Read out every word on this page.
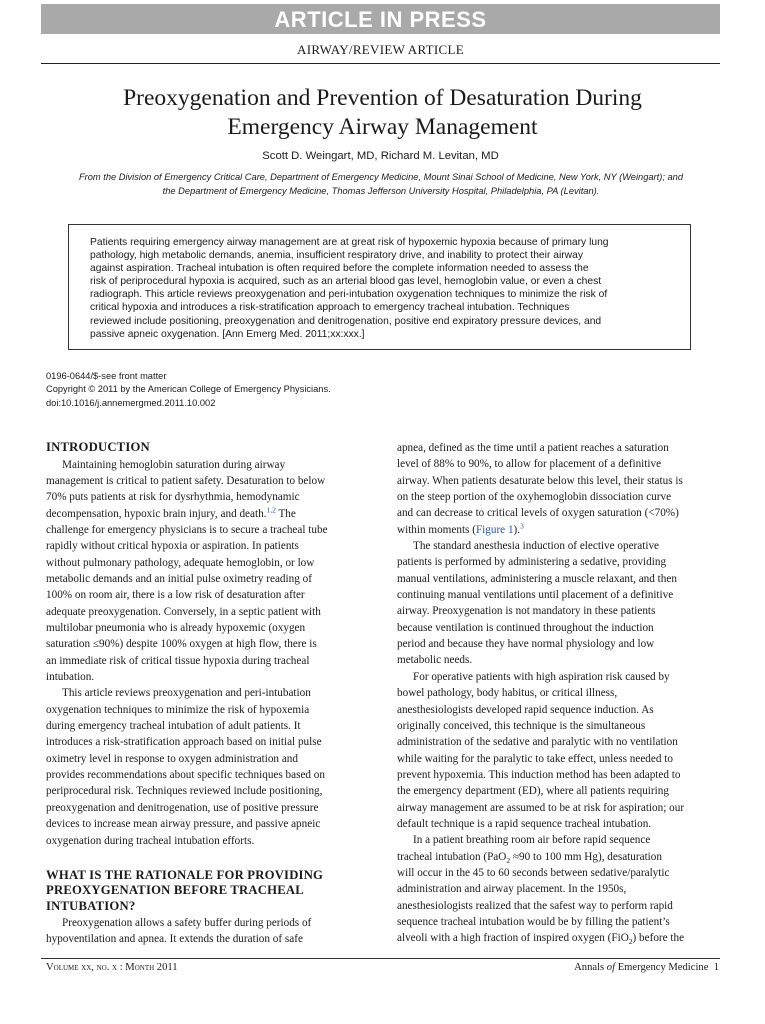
ARTICLE IN PRESS
AIRWAY/REVIEW ARTICLE
Preoxygenation and Prevention of Desaturation During
Emergency Airway Management
Scott D. Weingart, MD, Richard M. Levitan, MD
From the Division of Emergency Critical Care, Department of Emergency Medicine, Mount Sinai School of Medicine, New York, NY (Weingart); and
the Department of Emergency Medicine, Thomas Jefferson University Hospital, Philadelphia, PA (Levitan).
Patients requiring emergency airway management are at great risk of hypoxemic hypoxia because of primary lung
pathology, high metabolic demands, anemia, insufficient respiratory drive, and inability to protect their airway
against aspiration. Tracheal intubation is often required before the complete information needed to assess the
risk of periprocedural hypoxia is acquired, such as an arterial blood gas level, hemoglobin value, or even a chest
radiograph. This article reviews preoxygenation and peri-intubation oxygenation techniques to minimize the risk of
critical hypoxia and introduces a risk-stratification approach to emergency tracheal intubation. Techniques
reviewed include positioning, preoxygenation and denitrogenation, positive end expiratory pressure devices, and
passive apneic oxygenation. [Ann Emerg Med. 2011;xx:xxx.]
0196-0644/$-see front matter
Copyright © 2011 by the American College of Emergency Physicians.
doi:10.1016/j.annemergmed.2011.10.002
INTRODUCTION
Maintaining hemoglobin saturation during airway
management is critical to patient safety. Desaturation to below
70% puts patients at risk for dysrhythmia, hemodynamic
decompensation, hypoxic brain injury, and death.$^{1,2}$ The
challenge for emergency physicians is to secure a tracheal tube
rapidly without critical hypoxia or aspiration. In patients
without pulmonary pathology, adequate hemoglobin, or low
metabolic demands and an initial pulse oximetry reading of
100% on room air, there is a low risk of desaturation after
adequate preoxygenation. Conversely, in a septic patient with
multilobar pneumonia who is already hypoxemic (oxygen
saturation ≤90%) despite 100% oxygen at high flow, there is
an immediate risk of critical tissue hypoxia during tracheal
intubation.
This article reviews preoxygenation and peri-intubation
oxygenation techniques to minimize the risk of hypoxemia
during emergency tracheal intubation of adult patients. It
introduces a risk-stratification approach based on initial pulse
oximetry level in response to oxygen administration and
provides recommendations about specific techniques based on
periprocedural risk. Techniques reviewed include positioning,
preoxygenation and denitrogenation, use of positive pressure
devices to increase mean airway pressure, and passive apneic
oxygenation during tracheal intubation efforts.
WHAT IS THE RATIONALE FOR PROVIDING
PREOXYGENATION BEFORE TRACHEAL
INTUBATION?
Preoxygenation allows a safety buffer during periods of
hypoventilation and apnea. It extends the duration of safe
apnea, defined as the time until a patient reaches a saturation
level of 88% to 90%, to allow for placement of a definitive
airway. When patients desaturate below this level, their status is
on the steep portion of the oxyhemoglobin dissociation curve
and can decrease to critical levels of oxygen saturation (<70%)
within moments (Figure 1).$^3$
The standard anesthesia induction of elective operative
patients is performed by administering a sedative, providing
manual ventilations, administering a muscle relaxant, and then
continuing manual ventilations until placement of a definitive
airway. Preoxygenation is not mandatory in these patients
because ventilation is continued throughout the induction
period and because they have normal physiology and low
metabolic needs.
For operative patients with high aspiration risk caused by
bowel pathology, body habitus, or critical illness,
anesthesiologists developed rapid sequence induction. As
originally conceived, this technique is the simultaneous
administration of the sedative and paralytic with no ventilation
while waiting for the paralytic to take effect, unless needed to
prevent hypoxemia. This induction method has been adapted to
the emergency department (ED), where all patients requiring
airway management are assumed to be at risk for aspiration; our
default technique is a rapid sequence tracheal intubation.
In a patient breathing room air before rapid sequence
tracheal intubation (PaO$_2$ ≈90 to 100 mm Hg), desaturation
will occur in the 45 to 60 seconds between sedative/paralytic
administration and airway placement. In the 1950s,
anesthesiologists realized that the safest way to perform rapid
sequence tracheal intubation would be by filling the patient’s
alveoli with a high fraction of inspired oxygen (FiO$_2$) before the
Volume xx, no. x : Month 2011	Annals of Emergency Medicine 1
